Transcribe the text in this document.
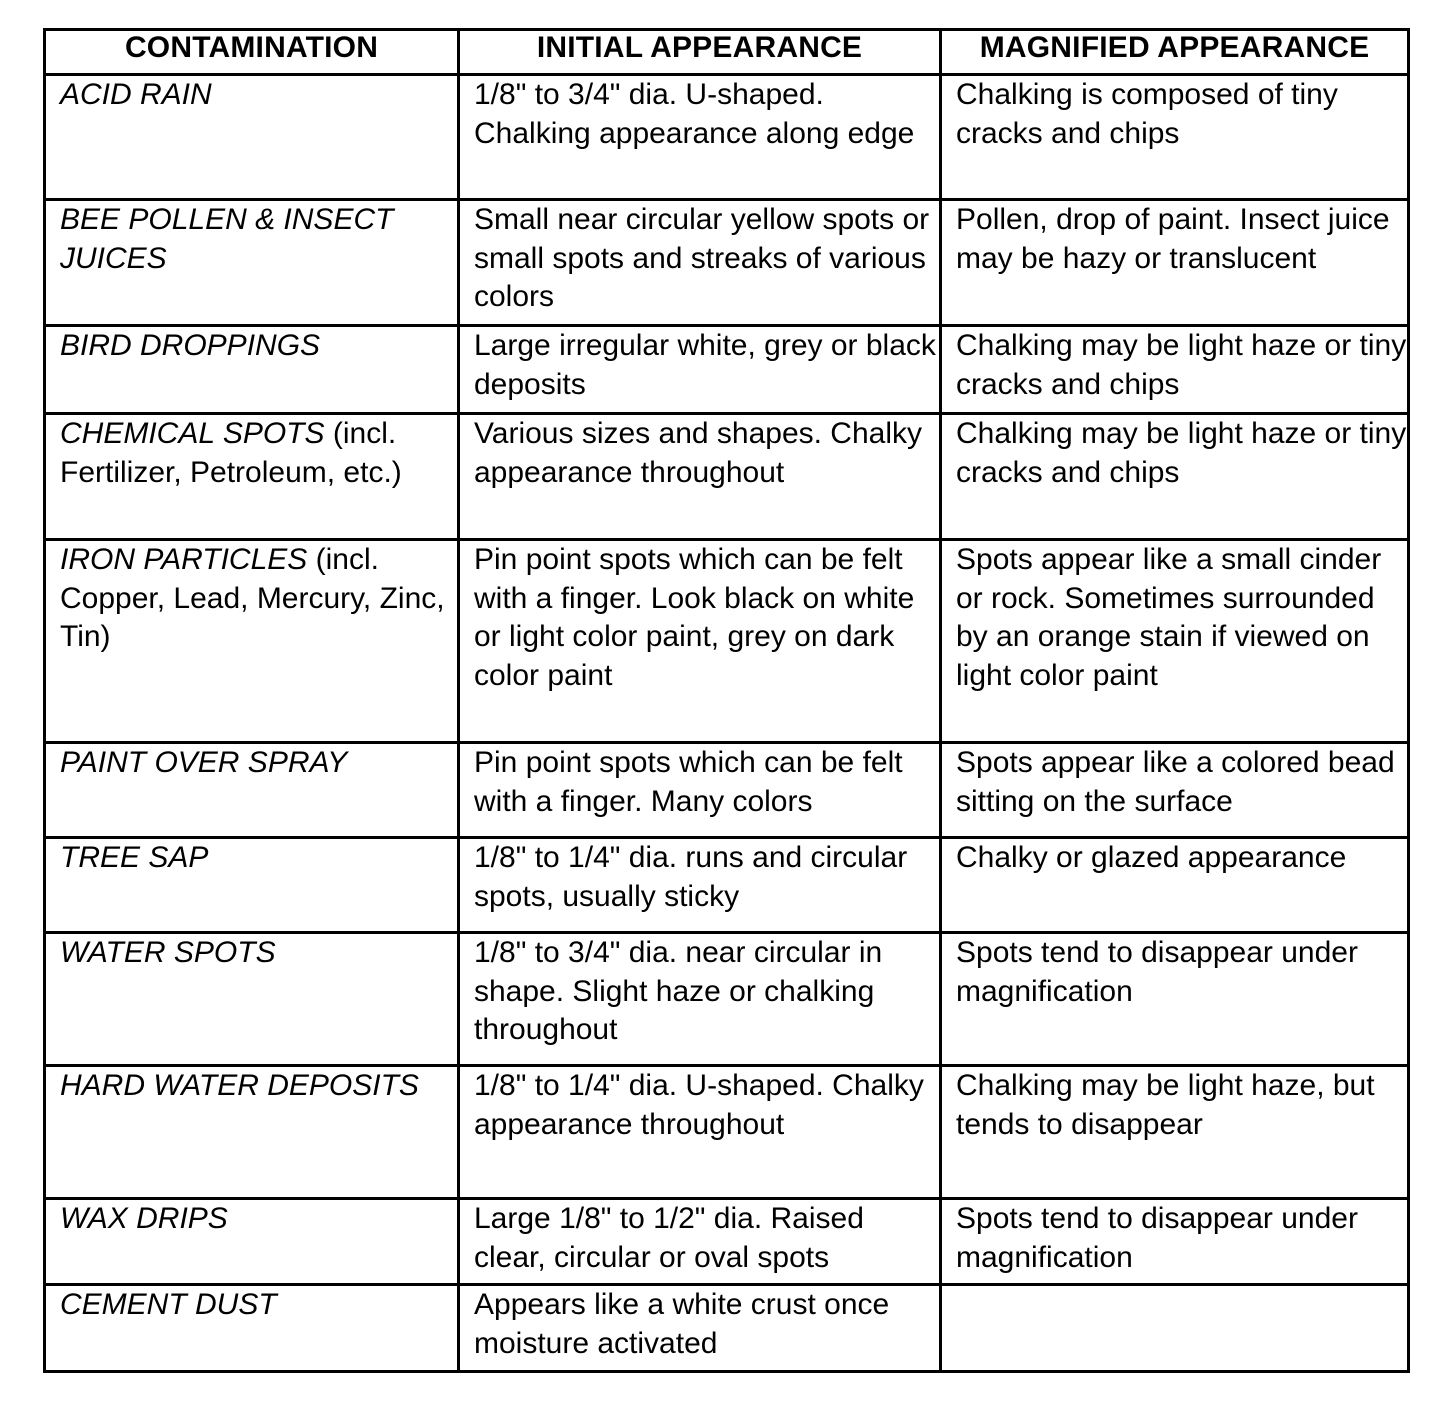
CONTAMINATION	INITIAL APPEARANCE	MAGNIFIED APPEARANCE
ACID RAIN	1/8" to 3/4" dia. U-shaped. Chalking appearance along edge	Chalking is composed of tiny cracks and chips
BEE POLLEN & INSECT JUICES	Small near circular yellow spots or small spots and streaks of various colors	Pollen, drop of paint. Insect juice may be hazy or translucent
BIRD DROPPINGS	Large irregular white, grey or black deposits	Chalking may be light haze or tiny cracks and chips
CHEMICAL SPOTS (incl. Fertilizer, Petroleum, etc.)	Various sizes and shapes. Chalky appearance throughout	Chalking may be light haze or tiny cracks and chips
IRON PARTICLES (incl. Copper, Lead, Mercury, Zinc, Tin)	Pin point spots which can be felt with a finger. Look black on white or light color paint, grey on dark color paint	Spots appear like a small cinder or rock. Sometimes surrounded by an orange stain if viewed on light color paint
PAINT OVER SPRAY	Pin point spots which can be felt with a finger. Many colors	Spots appear like a colored bead sitting on the surface
TREE SAP	1/8" to 1/4" dia. runs and circular spots, usually sticky	Chalky or glazed appearance
WATER SPOTS	1/8" to 3/4" dia. near circular in shape. Slight haze or chalking throughout	Spots tend to disappear under magnification
HARD WATER DEPOSITS	1/8" to 1/4" dia. U-shaped. Chalky appearance throughout	Chalking may be light haze, but tends to disappear
WAX DRIPS	Large 1/8" to 1/2" dia. Raised clear, circular or oval spots	Spots tend to disappear under magnification
CEMENT DUST	Appears like a white crust once moisture activated	
